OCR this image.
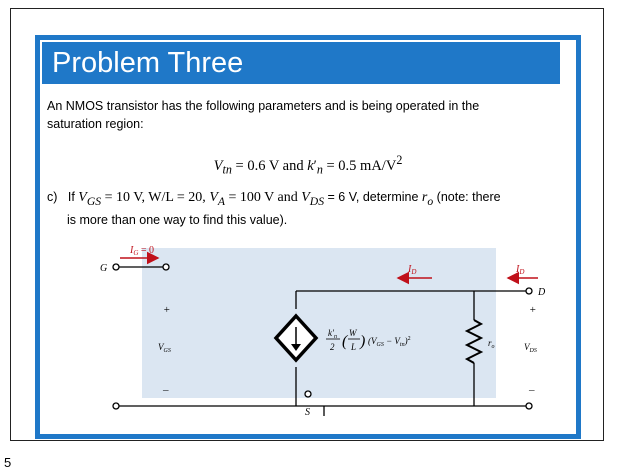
Problem Three
An NMOS transistor has the following parameters and is being operated in the
saturation region:
$V_{tn} = 0.6$ V and $k'_n = 0.5$ $mA/V^2$
c) If $V_{GS} = 10$ V, W/L = 20, $V_A = 100$ V and $V_{DS} = 6$ V, determine $r_o$ (note: there
is more than one way to find this value).
$I_G = 0$
G
+
$V_{GS}$
–
D
$I_D$	$I_D$
$k'_n$
2 ( W
L ) $(V_{GS} - V_{tn})^2$	$r_o$
+
$V_{DS}$
–
S
5
